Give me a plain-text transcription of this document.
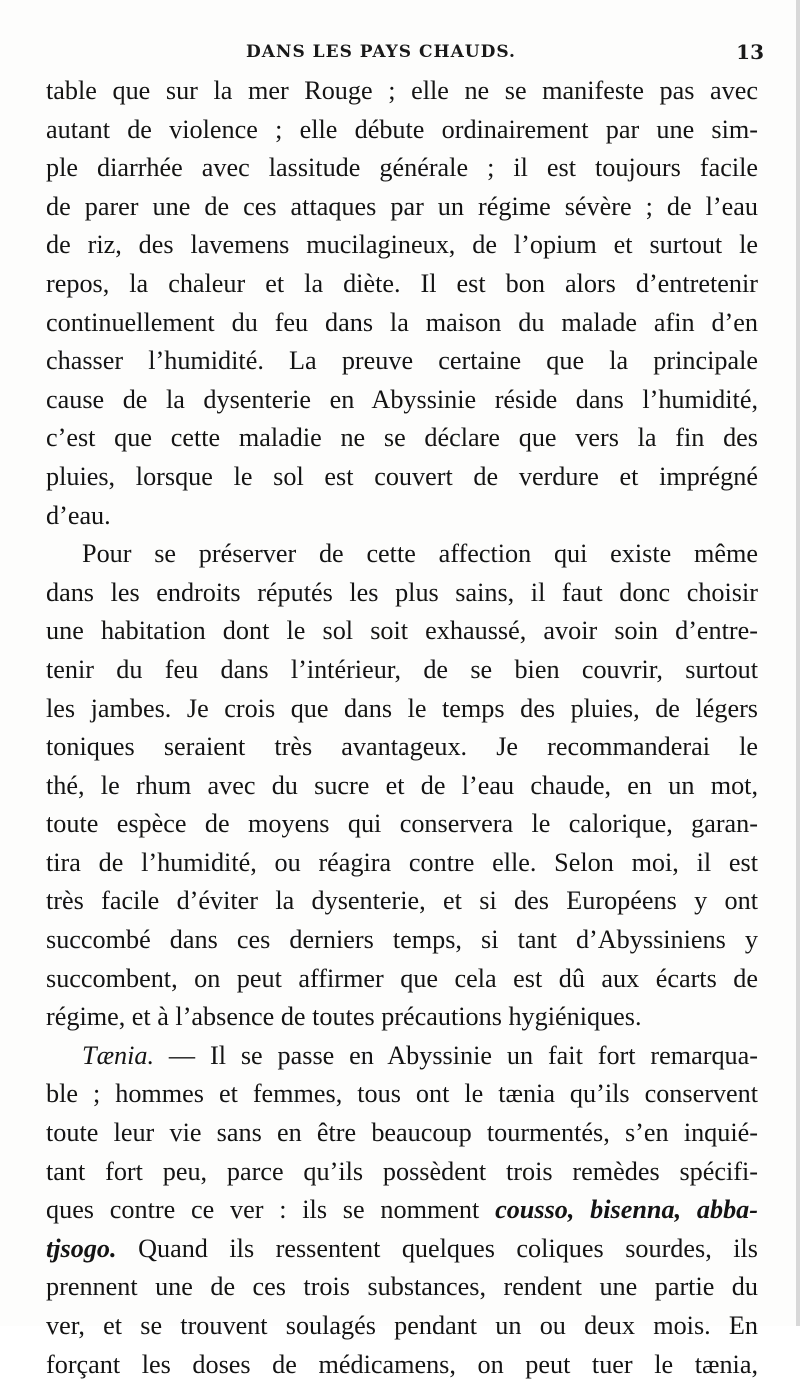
DANS LES PAYS CHAUDS.	13
table que sur la mer Rouge ; elle ne se manifeste pas avec
autant de violence ; elle débute ordinairement par une sim-
ple diarrhée avec lassitude générale ; il est toujours facile
de parer une de ces attaques par un régime sévère ; de l’eau
de riz, des lavemens mucilagineux, de l’opium et surtout le
repos, la chaleur et la diète. Il est bon alors d’entretenir
continuellement du feu dans la maison du malade afin d’en
chasser l’humidité. La preuve certaine que la principale
cause de la dysenterie en Abyssinie réside dans l’humidité,
c’est que cette maladie ne se déclare que vers la fin des
pluies, lorsque le sol est couvert de verdure et imprégné
d’eau.
Pour se préserver de cette affection qui existe même
dans les endroits réputés les plus sains, il faut donc choisir
une habitation dont le sol soit exhaussé, avoir soin d’entre-
tenir du feu dans l’intérieur, de se bien couvrir, surtout
les jambes. Je crois que dans le temps des pluies, de légers
toniques seraient très avantageux. Je recommanderai le
thé, le rhum avec du sucre et de l’eau chaude, en un mot,
toute espèce de moyens qui conservera le calorique, garan-
tira de l’humidité, ou réagira contre elle. Selon moi, il est
très facile d’éviter la dysenterie, et si des Européens y ont
succombé dans ces derniers temps, si tant d’Abyssiniens y
succombent, on peut affirmer que cela est dû aux écarts de
régime, et à l’absence de toutes précautions hygiéniques.
Tænia. — Il se passe en Abyssinie un fait fort remarqua-
ble ; hommes et femmes, tous ont le tænia qu’ils conservent
toute leur vie sans en être beaucoup tourmentés, s’en inquié-
tant fort peu, parce qu’ils possèdent trois remèdes spécifi-
ques contre ce ver : ils se nomment cousso, bisenna, abba-
tjsogo. Quand ils ressentent quelques coliques sourdes, ils
prennent une de ces trois substances, rendent une partie du
ver, et se trouvent soulagés pendant un ou deux mois. En
forçant les doses de médicamens, on peut tuer le tænia,
